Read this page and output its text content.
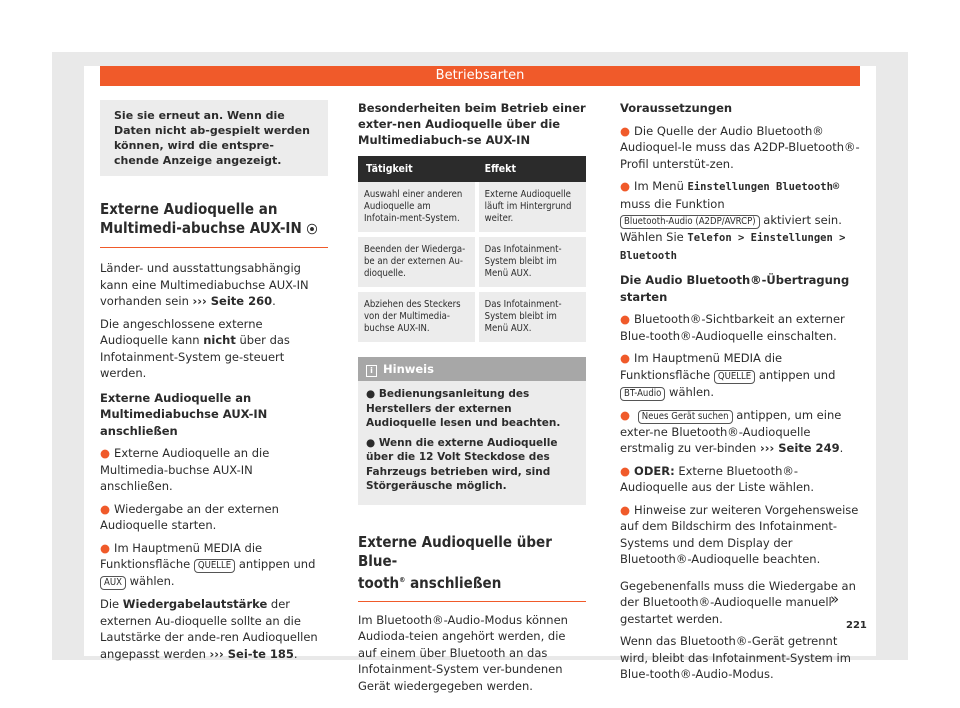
Betriebsarten
Sie sie erneut an. Wenn die Daten nicht ab-gespielt werden können, wird die entspre-chende Anzeige angezeigt.
Externe Audioquelle an Multimedi-abuchse AUX-IN ⦿︎

Länder- und ausstattungsabhängig kann eine Multimediabuchse AUX-IN vorhanden sein ››› Seite 260.

Die angeschlossene externe Audioquelle kann nicht über das Infotainment-System ge-steuert werden.

Externe Audioquelle an Multimediabuchse AUX-IN anschließen

● Externe Audioquelle an die Multimedia-buchse AUX-IN anschließen.

● Wiedergabe an der externen Audioquelle starten.

● Im Hauptmenü MEDIA die Funktionsfläche QUELLE antippen und AUX wählen.

Die Wiedergabelautstärke der externen Au-dioquelle sollte an die Lautstärke der ande-ren Audioquellen angepasst werden ››› Sei-te 185.

Besonderheiten beim Betrieb einer exter-nen Audioquelle über die Multimediabuch-se AUX-IN

Tätigkeit	Effekt
Auswahl einer anderen Audioquelle am Infotain-ment-System.	Externe Audioquelle läuft im Hintergrund weiter.
Beenden der Wiederga-be an der externen Au-dioquelle.	Das Infotainment-System bleibt im Menü AUX.
Abziehen des Steckers von der Multimedia-buchse AUX-IN.	Das Infotainment-System bleibt im Menü AUX.
i Hinweis
● Bedienungsanleitung des Herstellers der externen Audioquelle lesen und beachten.
● Wenn die externe Audioquelle über die 12 Volt Steckdose des Fahrzeugs betrieben wird, sind Störgeräusche möglich.
Externe Audioquelle über Blue-
tooth® anschließen

Im Bluetooth®-Audio-Modus können Audioda-teien angehört werden, die auf einem über Bluetooth an das Infotainment-System ver-bundenen Gerät wiedergegeben werden.

Voraussetzungen

● Die Quelle der Audio Bluetooth® Audioquel-le muss das A2DP-Bluetooth®-Profil unterstüt-zen.

● Im Menü Einstellungen Bluetooth® muss die Funktion Bluetooth-Audio (A2DP/AVRCP) aktiviert sein. Wählen Sie Telefon > Einstellungen > Bluetooth

Die Audio Bluetooth®-Übertragung starten

● Bluetooth®-Sichtbarkeit an externer Blue-tooth®-Audioquelle einschalten.

● Im Hauptmenü MEDIA die Funktionsfläche QUELLE antippen und BT-Audio wählen.

● Neues Gerät suchen antippen, um eine exter-ne Bluetooth®-Audioquelle erstmalig zu ver-binden ››› Seite 249.

● ODER: Externe Bluetooth®-Audioquelle aus der Liste wählen.

● Hinweise zur weiteren Vorgehensweise auf dem Bildschirm des Infotainment-Systems und dem Display der Bluetooth®-Audioquelle beachten.

Gegebenenfalls muss die Wiedergabe an der Bluetooth®-Audioquelle manuell gestartet werden.

Wenn das Bluetooth®-Gerät getrennt wird, bleibt das Infotainment-System im Blue-tooth®-Audio-Modus.

»
221
